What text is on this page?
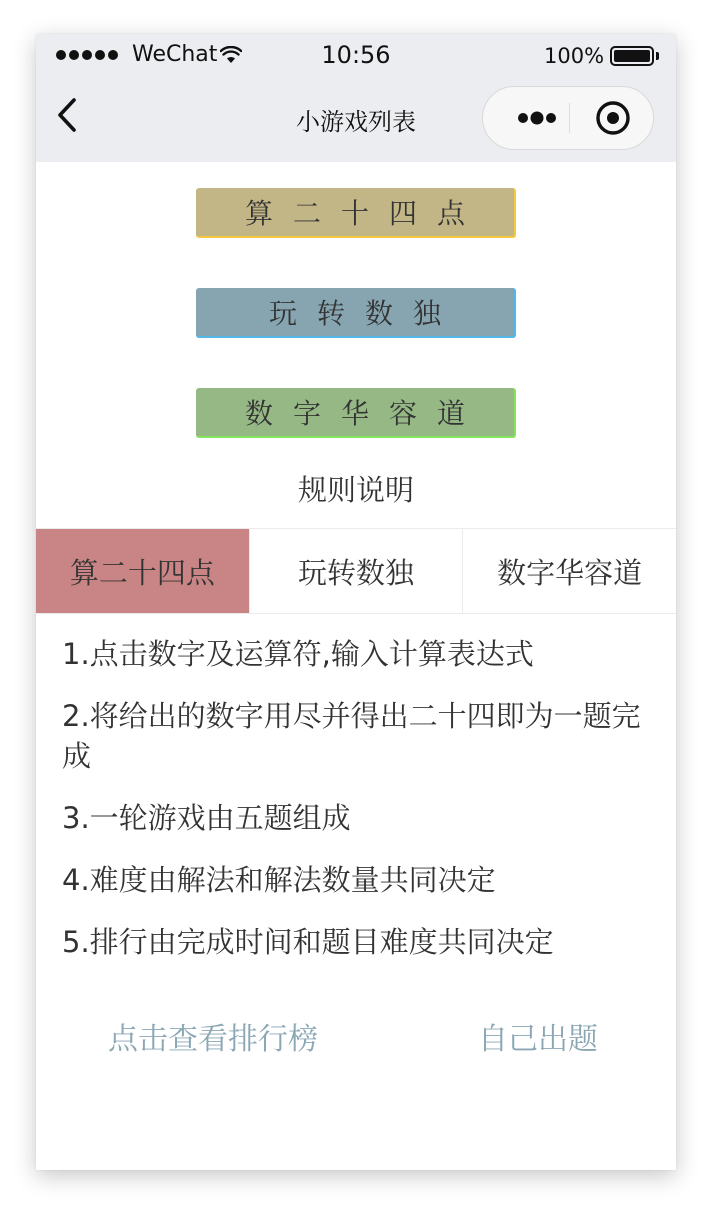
WeChat	10:56	100%
小游戏列表
算二十四点
玩转数独
数字华容道
规则说明
算二十四点	玩转数独	数字华容道
1.点击数字及运算符,输入计算表达式
2.将给出的数字用尽并得出二十四即为一题完成
3.一轮游戏由五题组成
4.难度由解法和解法数量共同决定
5.排行由完成时间和题目难度共同决定
点击查看排行榜	自己出题
